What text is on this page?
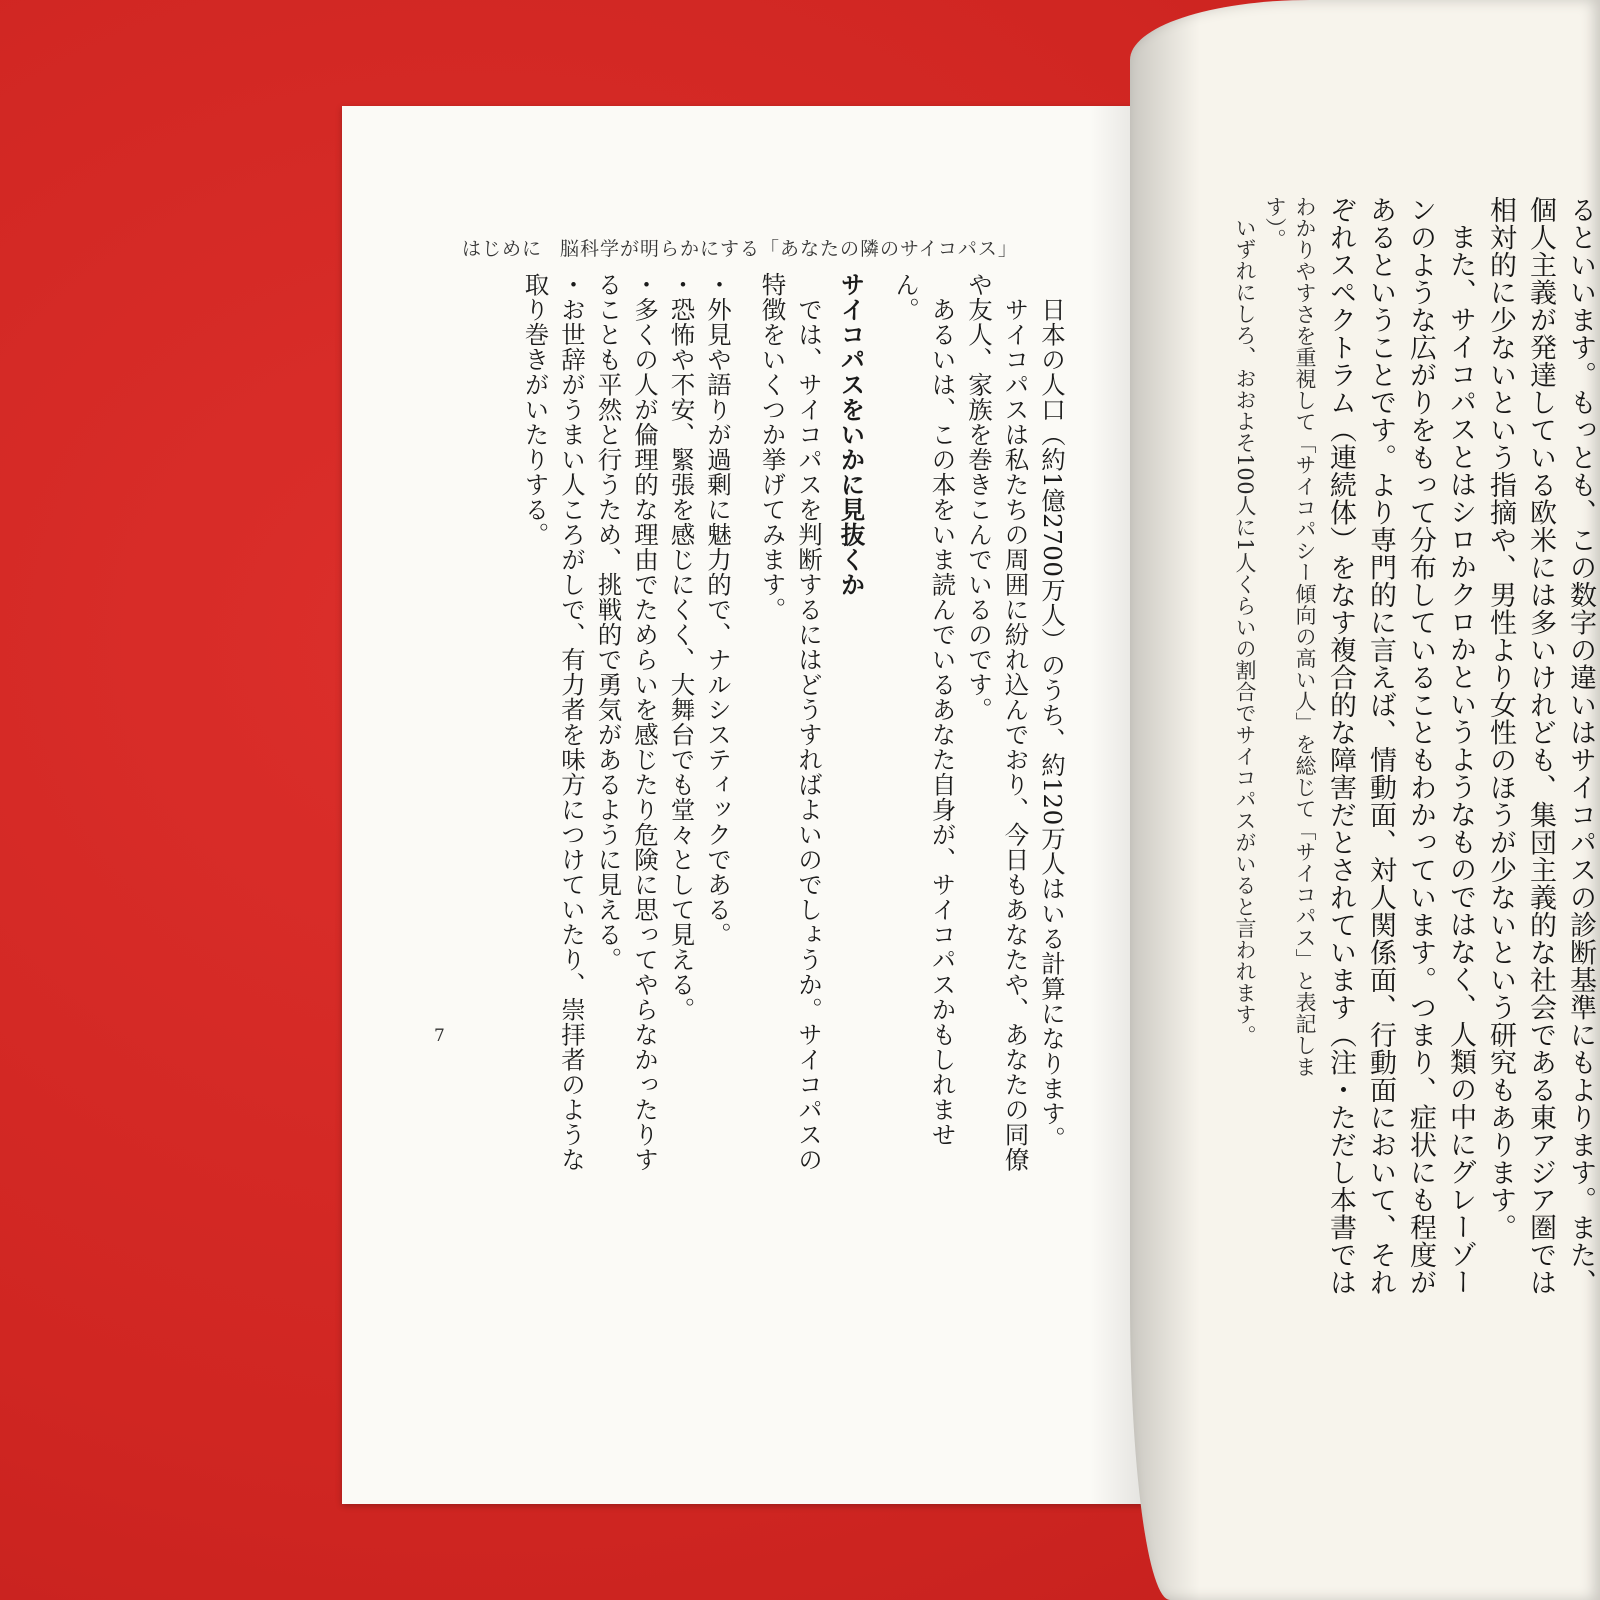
はじめに 脳科学が明らかにする「あなたの隣のサイコパス」

日本の人口（約1億2700万人）のうち、約120万人はいる計算になります。

サイコパスは私たちの周囲に紛れ込んでおり、今日もあなたや、あなたの同僚や友人、家族を巻きこんでいるのです。

あるいは、この本をいま読んでいるあなた自身が、サイコパスかもしれません。

サイコパスをいかに見抜くか

では、サイコパスを判断するにはどうすればよいのでしょうか。サイコパスの特徴をいくつか挙げてみます。

・外見や語りが過剰に魅力的で、ナルシスティックである。

・恐怖や不安、緊張を感じにくく、大舞台でも堂々として見える。

・多くの人が倫理的な理由でためらいを感じたり危険に思ってやらなかったりすることも平然と行うため、挑戦的で勇気があるように見える。

・お世辞がうまい人ころがしで、有力者を味方につけていたり、崇拝者のような取り巻きがいたりする。

7	るといいます。もっとも、この数字の違いはサイコパスの診断基準にもよります。また、

個人主義が発達している欧米には多いけれども、集団主義的な社会である東アジア圏では

相対的に少ないという指摘や、男性より女性のほうが少ないという研究もあります。

また、サイコパスとはシロかクロかというようなものではなく、人類の中にグレーゾー

ンのような広がりをもって分布していることもわかっています。つまり、症状にも程度が

あるということです。より専門的に言えば、情動面、対人関係面、行動面において、それ

ぞれスペクトラム（連続体）をなす複合的な障害だとされています（注・ただし本書では

わかりやすさを重視して「サイコパシー傾向の高い人」を総じて「サイコパス」と表記しま

す）。

いずれにしろ、おおよそ100人に1人くらいの割合でサイコパスがいると言われます。
